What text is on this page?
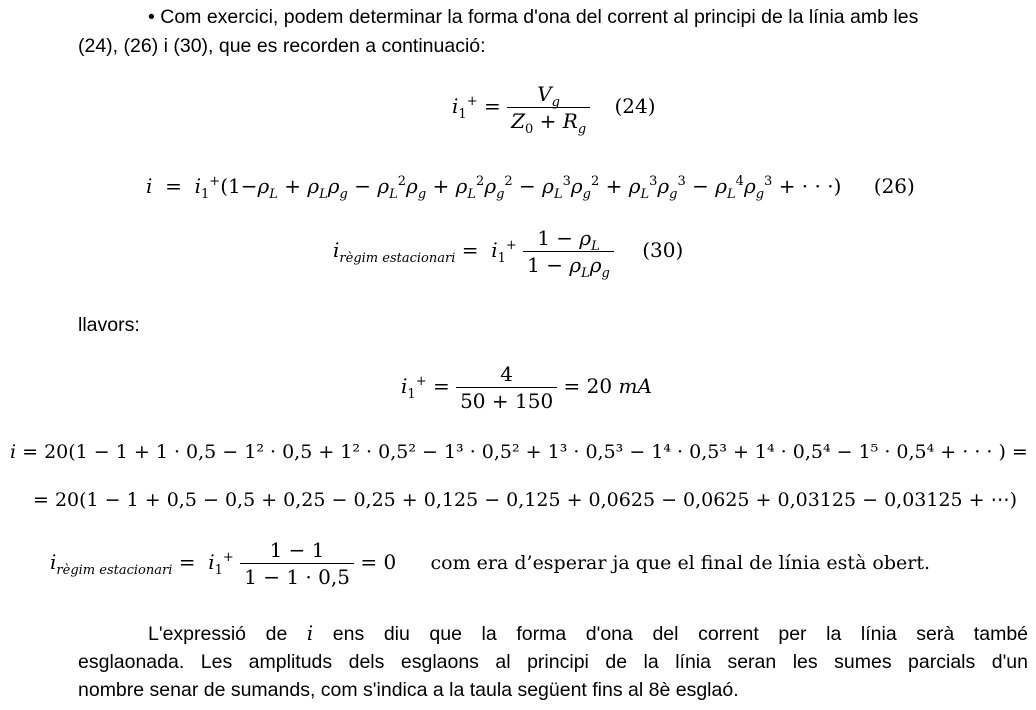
• Com exercici, podem determinar la forma d'ona del corrent al principi de la línia amb les
(24), (26) i (30), que es recorden a continuació:
$i_1^+ = \frac{V_g}{Z_0 + R_g} (24)$
$i = i_1^+(1-\rho_L + \rho_L\rho_g - \rho_L^2\rho_g + \rho_L^2\rho_g^2 - \rho_L^3\rho_g^2 + \rho_L^3\rho_g^3 - \rho_L^4\rho_g^3$ + · · ·) (26)
$i_{règim estacionari} = i_1^+ \frac{1 - \rho_L}{1 - \rho_L\rho_g} (30)$
llavors:
$i_1^+ = \frac{4}{50 + 150} = 20$ mA
i = 20(1 − 1 + 1 · 0,5 − 1² · 0,5 + 1² · 0,5² − 1³ · 0,5² + 1³ · 0,5³ − 1⁴ · 0,5³ + 1⁴ · 0,5⁴ − 1⁵ · 0,5⁴ + · · · ) =
= 20(1 − 1 + 0,5 − 0,5 + 0,25 − 0,25 + 0,125 − 0,125 + 0,0625 − 0,0625 + 0,03125 − 0,03125 + ⋯)
$i_{règim estacionari} = i_1^+ \frac{1 - 1}{1 - 1 \cdot 0,5} = 0$ com era d’esperar ja que el final de línia està obert.
L'expressió de i ens diu que la forma d'ona del corrent per la línia serà també
esglaonada. Les amplituds dels esglaons al principi de la línia seran les sumes parcials d'un
nombre senar de sumands, com s'indica a la taula següent fins al 8è esglaó.
